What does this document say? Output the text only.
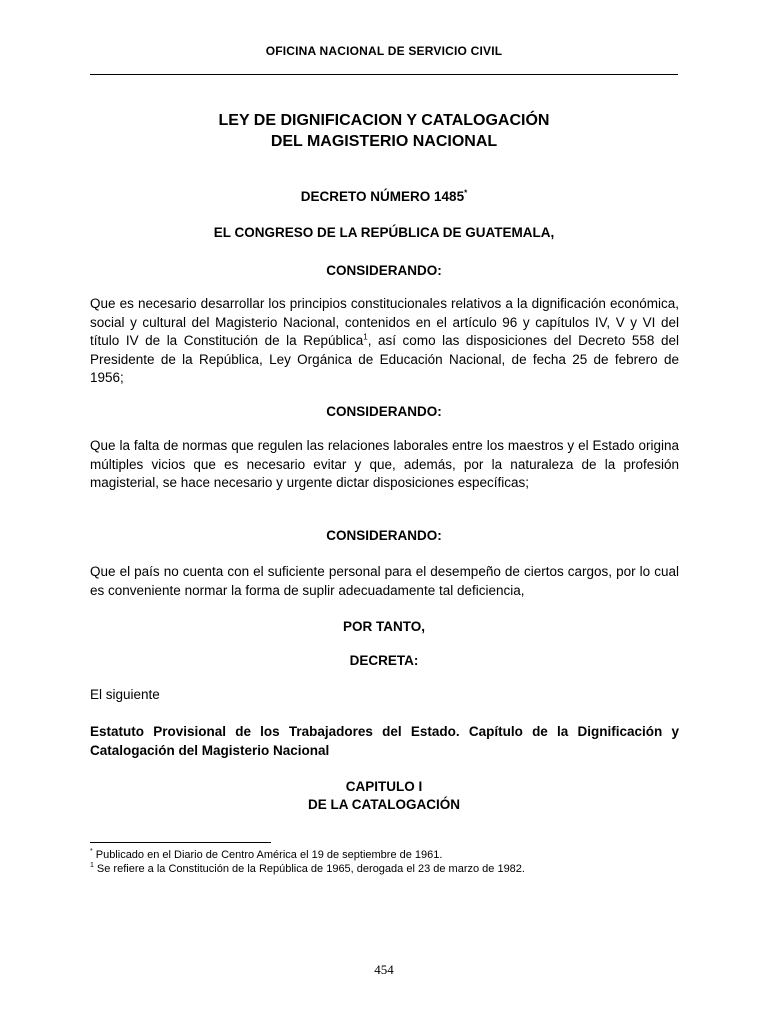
OFICINA NACIONAL DE SERVICIO CIVIL
LEY DE DIGNIFICACION Y CATALOGACIÓN
DEL MAGISTERIO NACIONAL
DECRETO NÚMERO 1485*
EL CONGRESO DE LA REPÚBLICA DE GUATEMALA,
CONSIDERANDO:
Que es necesario desarrollar los principios constitucionales relativos a la dignificación económica, social y cultural del Magisterio Nacional, contenidos en el artículo 96 y capítulos IV, V y VI del título IV de la Constitución de la República$^1$, así como las disposiciones del Decreto 558 del Presidente de la República, Ley Orgánica de Educación Nacional, de fecha 25 de febrero de 1956;
CONSIDERANDO:
Que la falta de normas que regulen las relaciones laborales entre los maestros y el Estado origina múltiples vicios que es necesario evitar y que, además, por la naturaleza de la profesión magisterial, se hace necesario y urgente dictar disposiciones específicas;
CONSIDERANDO:
Que el país no cuenta con el suficiente personal para el desempeño de ciertos cargos, por lo cual es conveniente normar la forma de suplir adecuadamente tal deficiencia,
POR TANTO,
DECRETA:
El siguiente
Estatuto Provisional de los Trabajadores del Estado. Capítulo de la Dignificación y Catalogación del Magisterio Nacional
CAPITULO I
DE LA CATALOGACIÓN
* Publicado en el Diario de Centro América el 19 de septiembre de 1961.
$^1$ Se refiere a la Constitución de la República de 1965, derogada el 23 de marzo de 1982.
454
